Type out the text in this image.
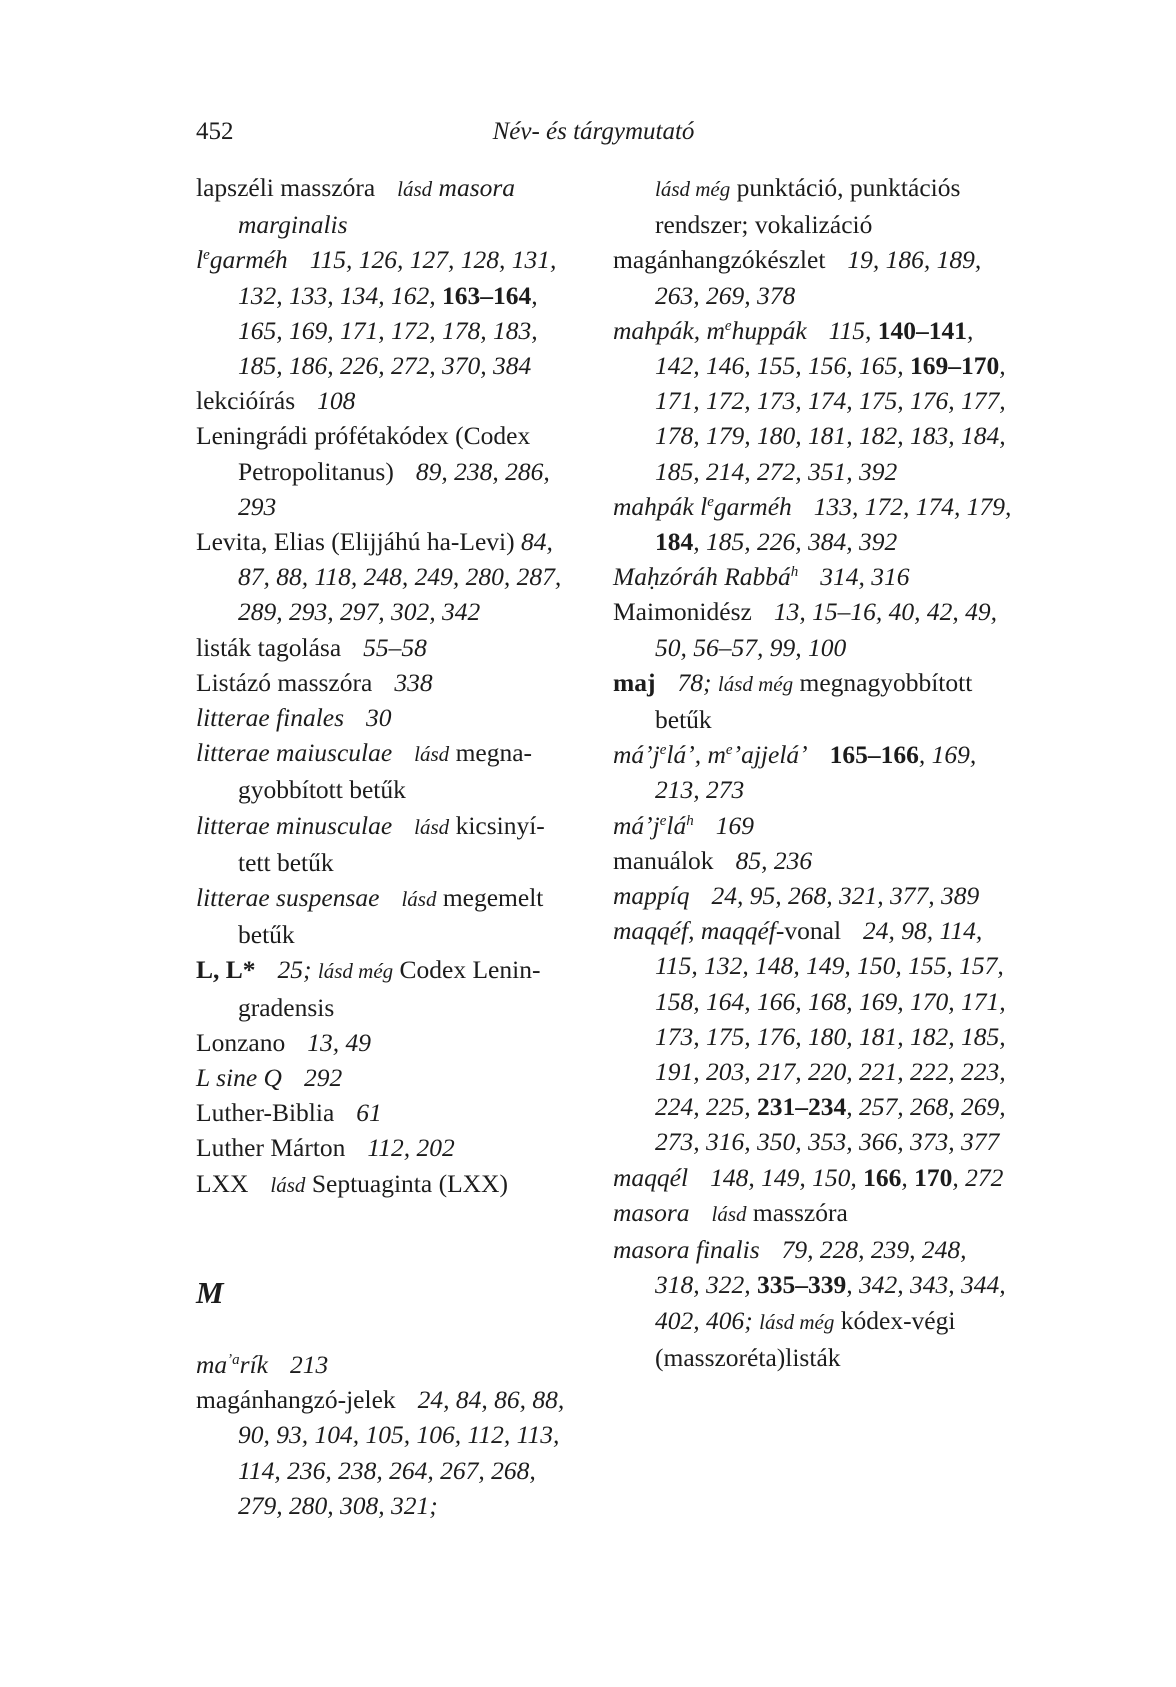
452	Név- és tárgymutató
lapszéli masszóra lásd masora marginalis
$l^egarméh$ 115, 126, 127, 128, 131, 132, 133, 134, 162, 163–164, 165, 169, 171, 172, 178, 183, 185, 186, 226, 272, 370, 384
lekcióírás 108
Leningrádi prófétakódex (Codex Petropolitanus) 89, 238, 286, 293
Levita, Elias (Elijjáhú ha-Levi) 84, 87, 88, 118, 248, 249, 280, 287, 289, 293, 297, 302, 342
listák tagolása 55–58
Listázó masszóra 338
litterae finales 30
litterae maiusculae lásd megna-gyobbított betűk
litterae minusculae lásd kicsinyí-tett betűk
litterae suspensae lásd megemelt betűk
L, L* 25; lásd még Codex Lenin-gradensis
Lonzano 13, 49
L sine Q 292
Luther-Biblia 61
Luther Márton 112, 202
LXX lásd Septuaginta (LXX)
M
$ma^{ʼa}rík$ 213
magánhangzó-jelek 24, 84, 86, 88, 90, 93, 104, 105, 106, 112, 113, 114, 236, 238, 264, 267, 268, 279, 280, 308, 321;
lásd még punktáció, punktációs rendszer; vokalizáció
magánhangzókészlet 19, 186, 189, 263, 269, 378
mahpák, $m^ehuppák$ 115, 140–141, 142, 146, 155, 156, 165, 169–170, 171, 172, 173, 174, 175, 176, 177, 178, 179, 180, 181, 182, 183, 184, 185, 214, 272, 351, 392
mahpák $l^egarméh$ 133, 172, 174, 179, 184, 185, 226, 384, 392
Maḥzóráh Rabbá$^h$ 314, 316
Maimonidész 13, 15–16, 40, 42, 49, 50, 56–57, 99, 100
maj 78; lásd még megnagyobbított betűk
máʼj$^e$láʼ, $m^eʼajjeláʼ$ 165–166, 169, 213, 273
$máʼj^elá^h$ 169
manuálok 85, 236
mappíq 24, 95, 268, 321, 377, 389
maqqéf, maqqéf-vonal 24, 98, 114, 115, 132, 148, 149, 150, 155, 157, 158, 164, 166, 168, 169, 170, 171, 173, 175, 176, 180, 181, 182, 185, 191, 203, 217, 220, 221, 222, 223, 224, 225, 231–234, 257, 268, 269, 273, 316, 350, 353, 366, 373, 377
maqqél 148, 149, 150, 166, 170, 272
masora lásd masszóra
masora finalis 79, 228, 239, 248, 318, 322, 335–339, 342, 343, 344, 402, 406; lásd még kódex-végi (masszoréta)listák
